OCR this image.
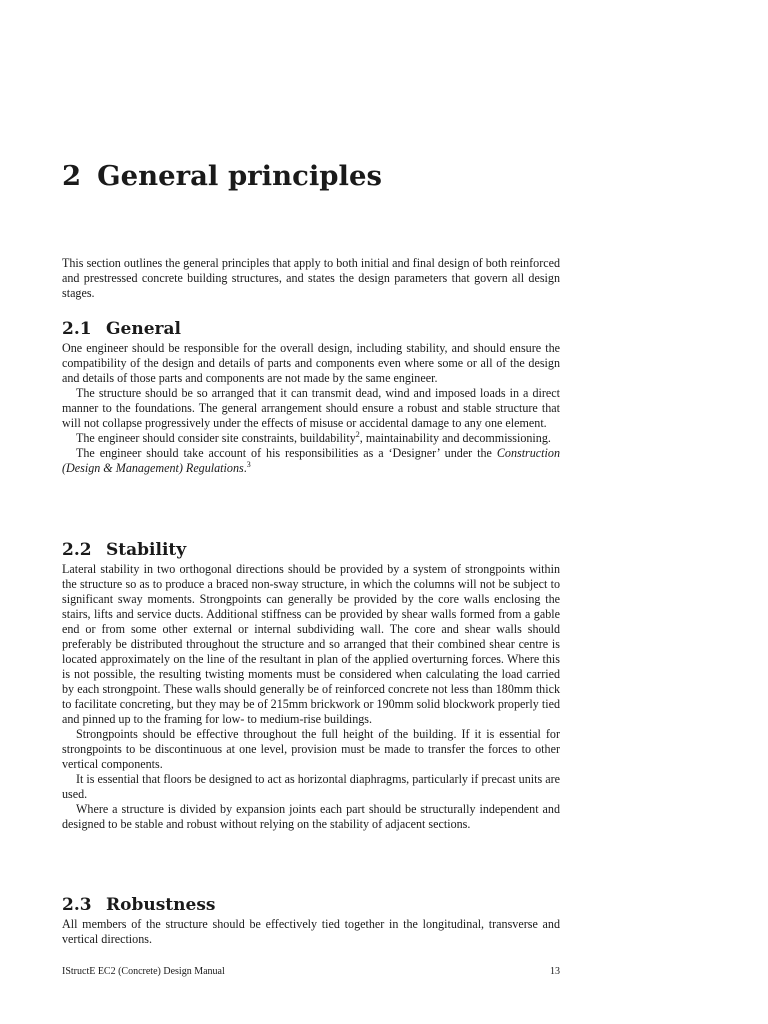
2 General principles

This section outlines the general principles that apply to both initial and final design of both reinforced and prestressed concrete building structures, and states the design parameters that govern all design stages.

2.1 General

One engineer should be responsible for the overall design, including stability, and should ensure the compatibility of the design and details of parts and components even where some or all of the design and details of those parts and components are not made by the same engineer.

The structure should be so arranged that it can transmit dead, wind and imposed loads in a direct manner to the foundations. The general arrangement should ensure a robust and stable structure that will not collapse progressively under the effects of misuse or accidental damage to any one element.

The engineer should consider site constraints, buildability$^2$, maintainability and decommissioning.

The engineer should take account of his responsibilities as a ‘Designer’ under the Construction (Design & Management) Regulations.$^3$

2.2 Stability

Lateral stability in two orthogonal directions should be provided by a system of strongpoints within the structure so as to produce a braced non-sway structure, in which the columns will not be subject to significant sway moments. Strongpoints can generally be provided by the core walls enclosing the stairs, lifts and service ducts. Additional stiffness can be provided by shear walls formed from a gable end or from some other external or internal subdividing wall. The core and shear walls should preferably be distributed throughout the structure and so arranged that their combined shear centre is located approximately on the line of the resultant in plan of the applied overturning forces. Where this is not possible, the resulting twisting moments must be considered when calculating the load carried by each strongpoint. These walls should generally be of reinforced concrete not less than 180mm thick to facilitate concreting, but they may be of 215mm brickwork or 190mm solid blockwork properly tied and pinned up to the framing for low- to medium-rise buildings.

Strongpoints should be effective throughout the full height of the building. If it is essential for strongpoints to be discontinuous at one level, provision must be made to transfer the forces to other vertical components.

It is essential that floors be designed to act as horizontal diaphragms, particularly if precast units are used.

Where a structure is divided by expansion joints each part should be structurally independent and designed to be stable and robust without relying on the stability of adjacent sections.

2.3 Robustness

All members of the structure should be effectively tied together in the longitudinal, transverse and vertical directions.

IStructE EC2 (Concrete) Design Manual	13
